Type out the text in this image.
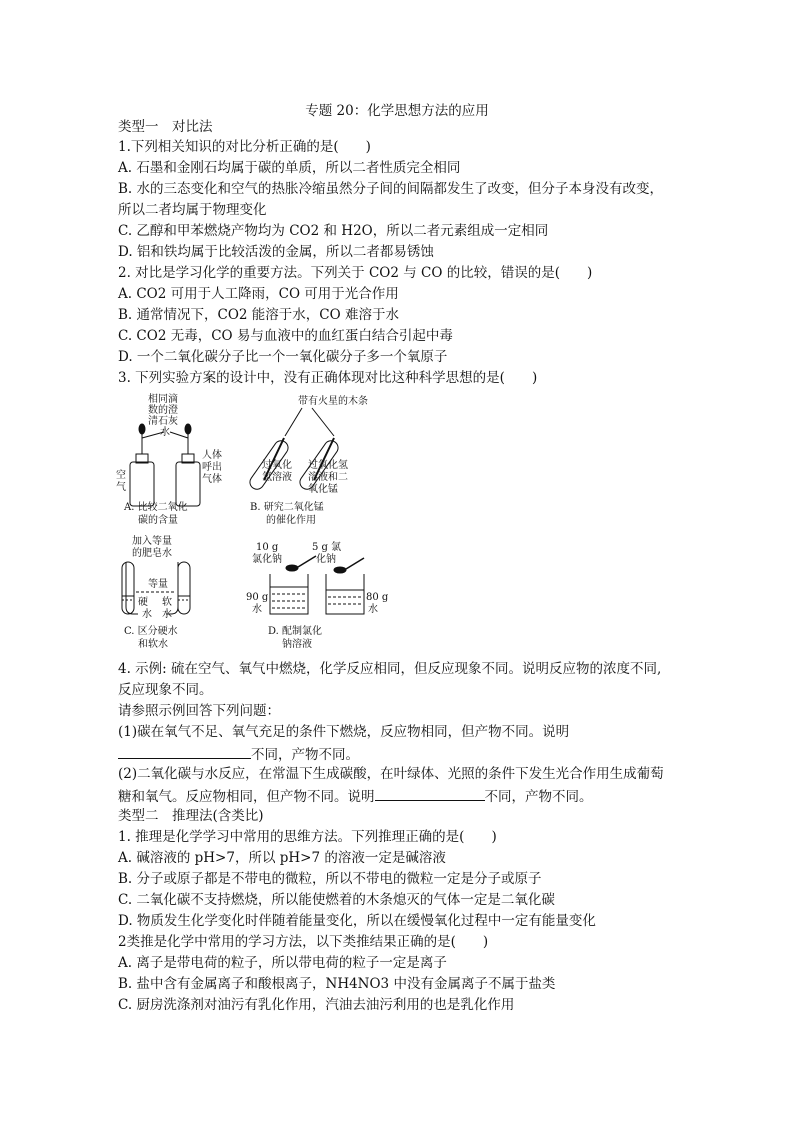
专题 20：化学思想方法的应用
类型一　对比法
1.下列相关知识的对比分析正确的是(　　)
A. 石墨和金刚石均属于碳的单质，所以二者性质完全相同
B. 水的三态变化和空气的热胀冷缩虽然分子间的间隔都发生了改变，但分子本身没有改变，
所以二者均属于物理变化
C. 乙醇和甲苯燃烧产物均为 CO2 和 H2O，所以二者元素组成一定相同
D. 铝和铁均属于比较活泼的金属，所以二者都易锈蚀
2. 对比是学习化学的重要方法。下列关于 CO2 与 CO 的比较，错误的是(　　)
A. CO2 可用于人工降雨，CO 可用于光合作用
B. 通常情况下，CO2 能溶于水，CO 难溶于水
C. CO2 无毒，CO 易与血液中的血红蛋白结合引起中毒
D. 一个二氧化碳分子比一个一氧化碳分子多一个氧原子
3. 下列实验方案的设计中，没有正确体现对比这种科学思想的是(　　)
相同滴
数的澄
清石灰
水
空
气
人体
呼出
气体
A. 比较二氧化
碳的含量
带有火星的木条
过氧化
氢溶液
过氧化氢
溶液和二
氧化锰
B. 研究二氧化锰
的催化作用
加入等量
的肥皂水
等量
硬
水
软
水
C. 区分硬水
和软水
10 g
氯化钠
5 g 氯
化钠
90 g
水
80 g
水
D. 配制氯化
钠溶液
4. 示例: 硫在空气、氧气中燃烧，化学反应相同，但反应现象不同。说明反应物的浓度不同,
反应现象不同。
请参照示例回答下列问题：
(1)碳在氧气不足、氧气充足的条件下燃烧，反应物相同，但产物不同。说明
不同，产物不同。
(2)二氧化碳与水反应，在常温下生成碳酸，在叶绿体、光照的条件下发生光合作用生成葡萄
糖和氧气。反应物相同，但产物不同。说明	不同，产物不同。
类型二　推理法(含类比)
1. 推理是化学学习中常用的思维方法。下列推理正确的是(　　)
A. 碱溶液的 pH>7，所以 pH>7 的溶液一定是碱溶液
B. 分子或原子都是不带电的微粒，所以不带电的微粒一定是分子或原子
C. 二氧化碳不支持燃烧，所以能使燃着的木条熄灭的气体一定是二氧化碳
D. 物质发生化学变化时伴随着能量变化，所以在缓慢氧化过程中一定有能量变化
2类推是化学中常用的学习方法，以下类推结果正确的是(　　)
A. 离子是带电荷的粒子，所以带电荷的粒子一定是离子
B. 盐中含有金属离子和酸根离子，NH4NO3 中没有金属离子不属于盐类
C. 厨房洗涤剂对油污有乳化作用，汽油去油污利用的也是乳化作用
